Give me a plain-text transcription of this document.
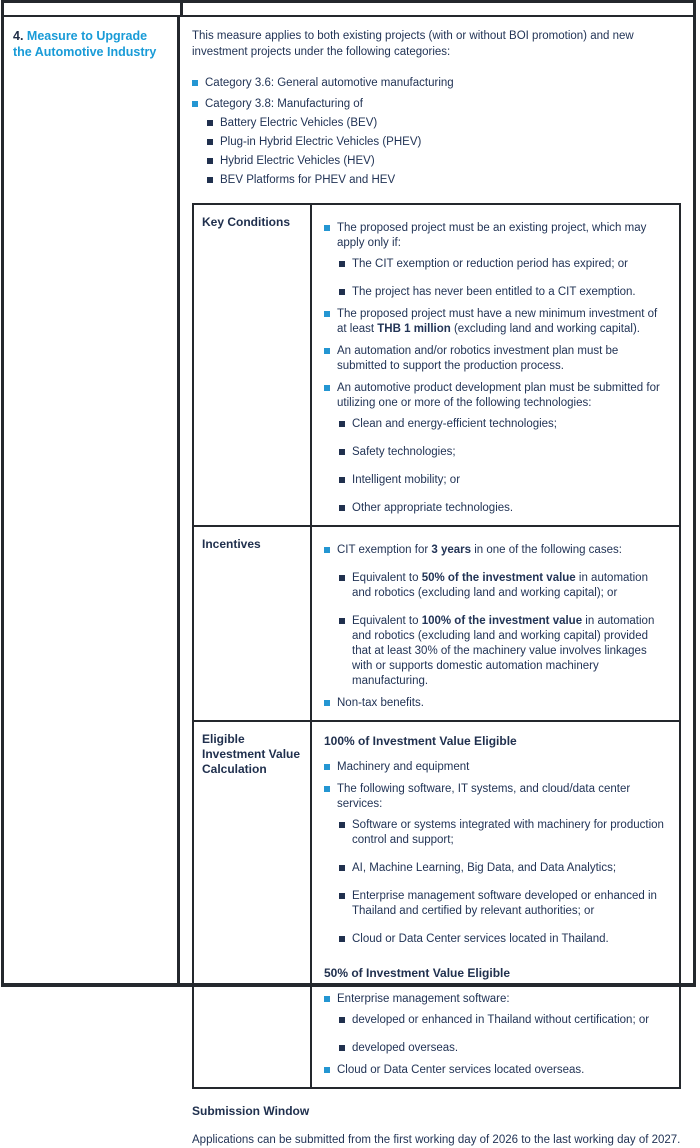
4. Measure to Upgrade the Automotive Industry

This measure applies to both existing projects (with or without BOI promotion) and new investment projects under the following categories:

Category 3.6: General automotive manufacturing
Category 3.8: Manufacturing of
Battery Electric Vehicles (BEV)
Plug-in Hybrid Electric Vehicles (PHEV)
Hybrid Electric Vehicles (HEV)
BEV Platforms for PHEV and HEV
Key Conditions	The proposed project must be an existing project, which may apply only if:
The CIT exemption or reduction period has expired; or
The project has never been entitled to a CIT exemption.
The proposed project must have a new minimum investment of at least THB 1 million (excluding land and working capital).
An automation and/or robotics investment plan must be submitted to support the production process.
An automotive product development plan must be submitted for utilizing one or more of the following technologies:
Clean and energy-efficient technologies;
Safety technologies;
Intelligent mobility; or
Other appropriate technologies.
Incentives	CIT exemption for 3 years in one of the following cases:
Equivalent to 50% of the investment value in automation and robotics (excluding land and working capital); or
Equivalent to 100% of the investment value in automation and robotics (excluding land and working capital) provided that at least 30% of the machinery value involves linkages with or supports domestic automation machinery manufacturing.
Non-tax benefits.
Eligible Investment Value Calculation
100% of Investment Value Eligible
Machinery and equipment
The following software, IT systems, and cloud/data center services:
Software or systems integrated with machinery for production control and support;
AI, Machine Learning, Big Data, and Data Analytics;
Enterprise management software developed or enhanced in Thailand and certified by relevant authorities; or
Cloud or Data Center services located in Thailand.
50% of Investment Value Eligible
Enterprise management software:
developed or enhanced in Thailand without certification; or
developed overseas.
Cloud or Data Center services located overseas.
Submission Window

Applications can be submitted from the first working day of 2026 to the last working day of 2027.
